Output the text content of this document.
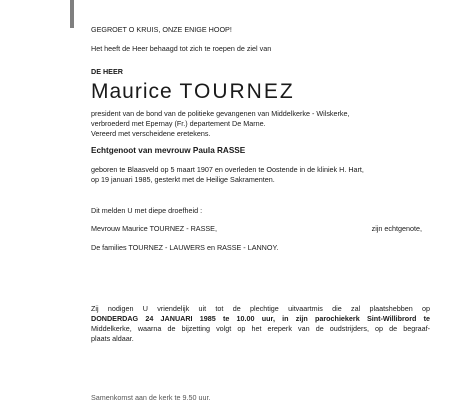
GEGROET O KRUIS, ONZE ENIGE HOOP!
Het heeft de Heer behaagd tot zich te roepen de ziel van
DE HEER
Maurice TOURNEZ
president van de bond van de politieke gevangenen van Middelkerke - Wilskerke,
verbroederd met Epernay (Fr.) departement De Marne.
Vereerd met verscheidene eretekens.
Echtgenoot van mevrouw Paula RASSE
geboren te Blaasveld op 5 maart 1907 en overleden te Oostende in de kliniek H. Hart,
op 19 januari 1985, gesterkt met de Heilige Sakramenten.
Dit melden U met diepe droefheid :
Mevrouw Maurice TOURNEZ - RASSE,	zijn echtgenote,
De families TOURNEZ - LAUWERS en RASSE - LANNOY.
Zij nodigen U vriendelijk uit tot de plechtige uitvaartmis die zal plaatshebben op
DONDERDAG 24 JANUARI 1985 te 10.00 uur, in zijn parochiekerk Sint-Willibrord te
Middelkerke, waarna de bijzetting volgt op het ereperk van de oudstrijders, op de begraaf-
plaats aldaar.
Samenkomst aan de kerk te 9.50 uur.
